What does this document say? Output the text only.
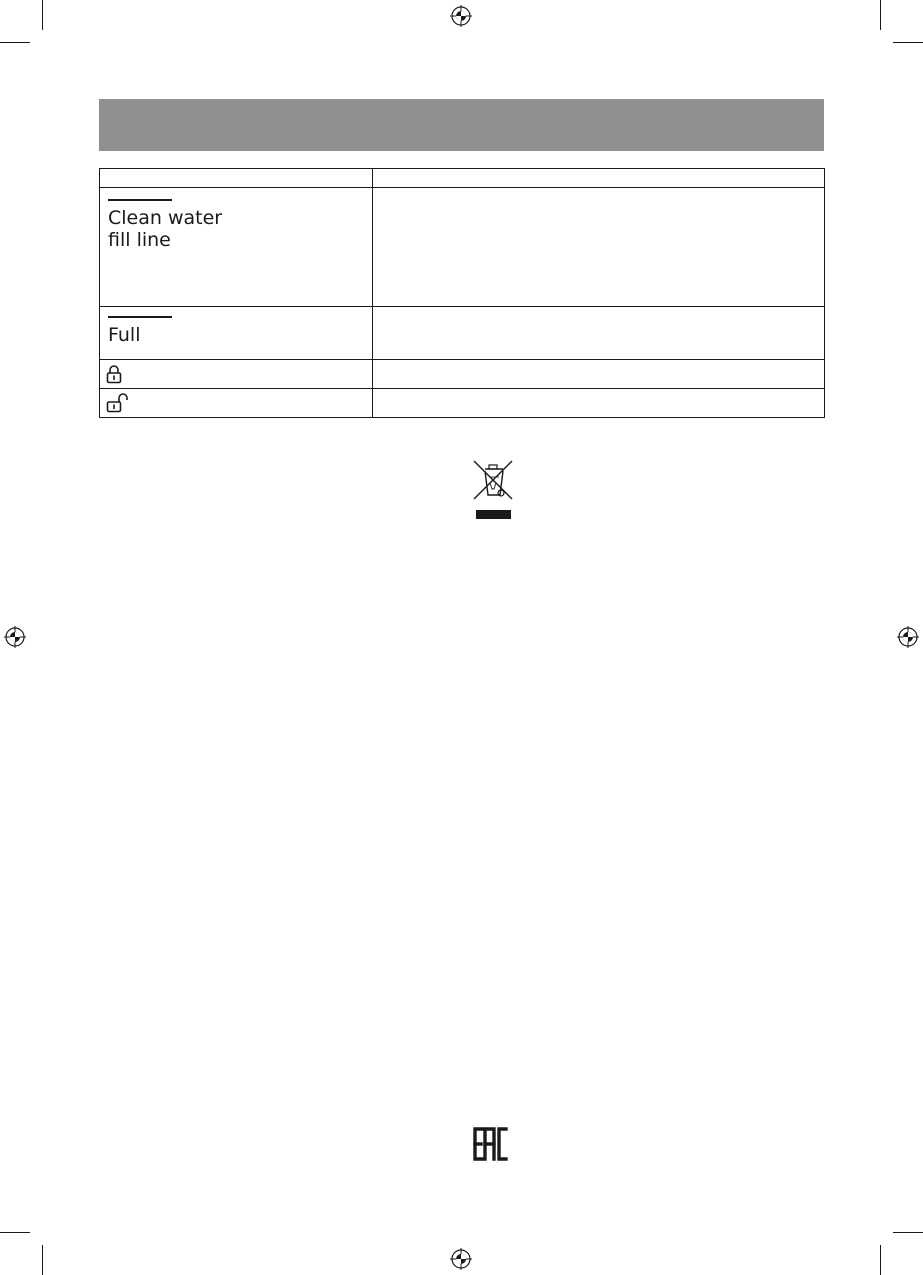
Clean water
fill line	

Full	
